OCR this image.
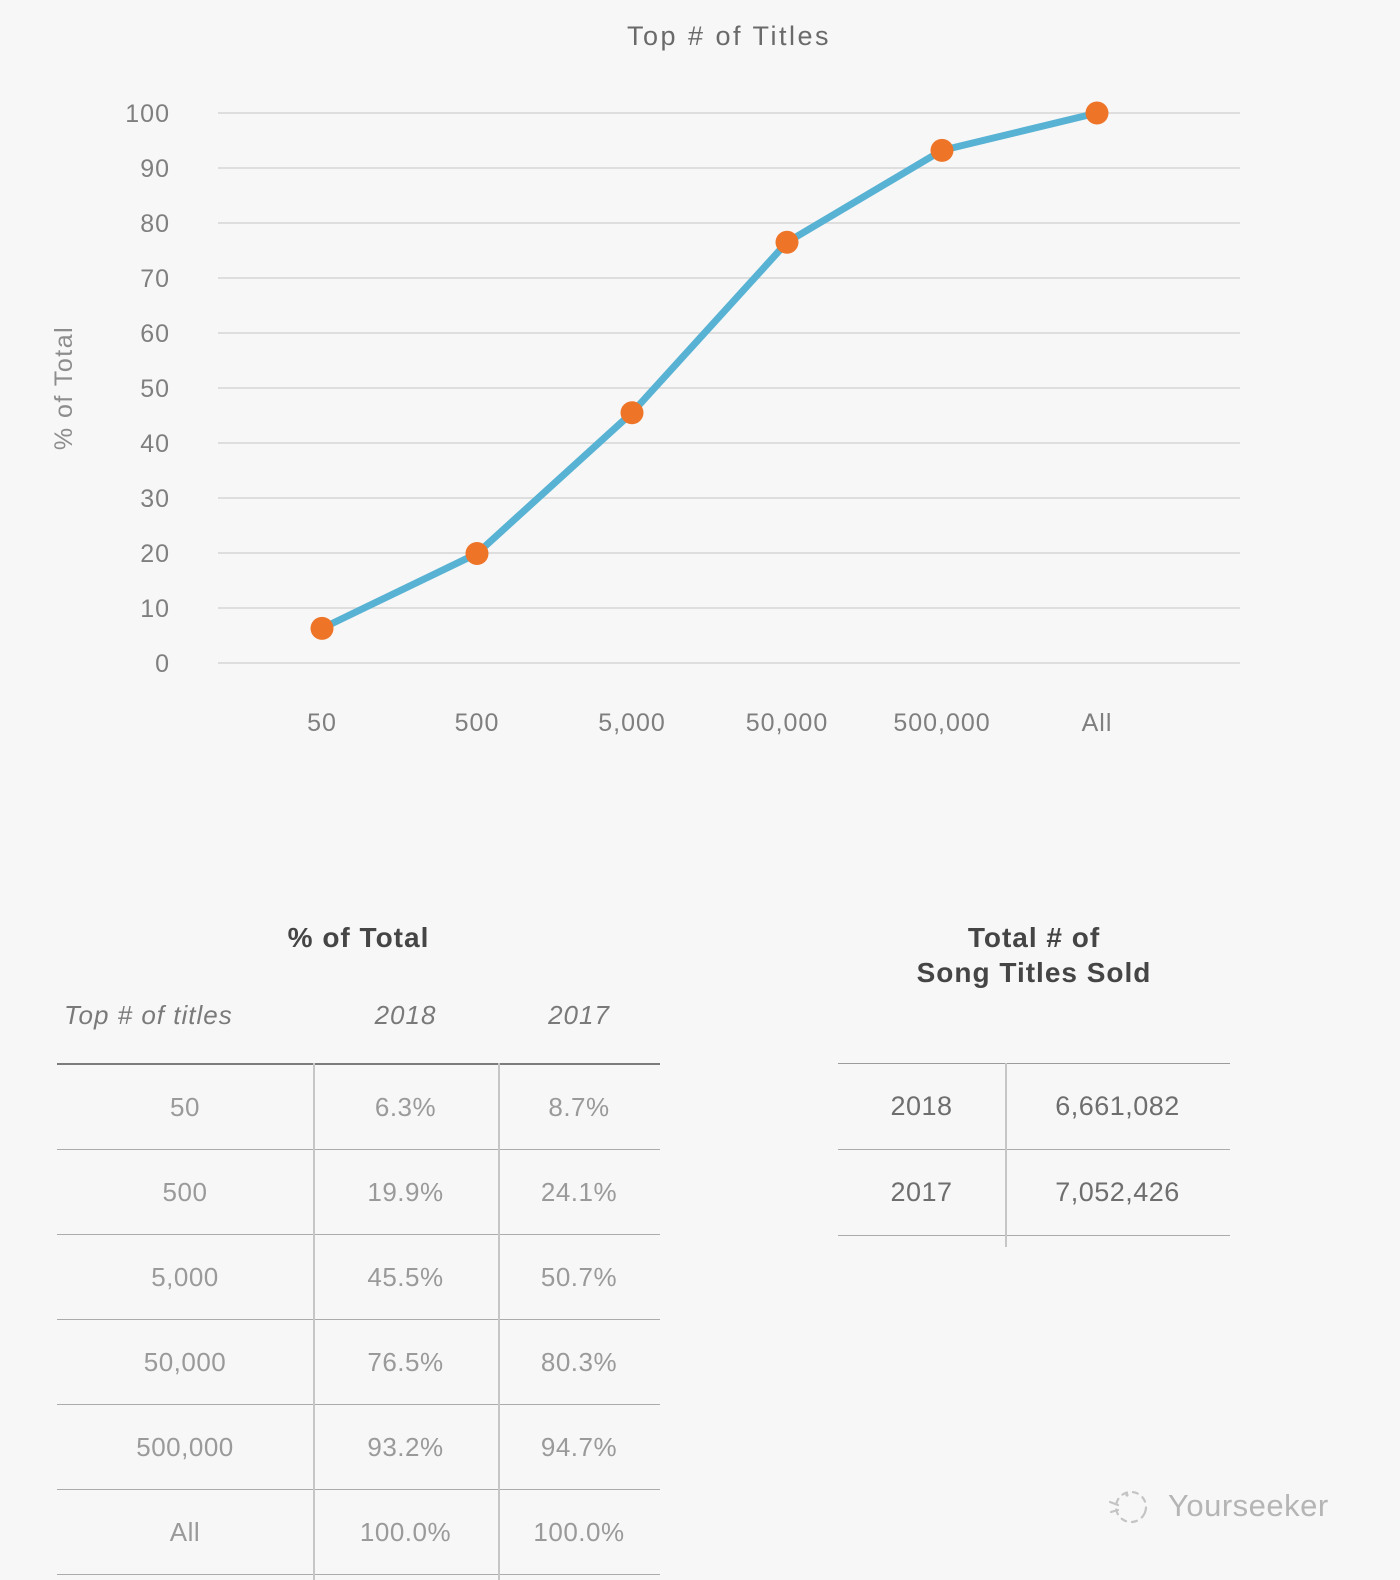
0
10
20
30
40
50
60
70
80
90
100
50	500	5,000	50,000	500,000	All
Top # of Titles
% of Total
% of Total
Top # of titles	2018	2017
50	6.3%	8.7%
500	19.9%	24.1%
5,000	45.5%	50.7%
50,000	76.5%	80.3%
500,000	93.2%	94.7%
All	100.0%	100.0%
Total # of
Song Titles Sold
2018	6,661,082
2017	7,052,426
Yourseeker
